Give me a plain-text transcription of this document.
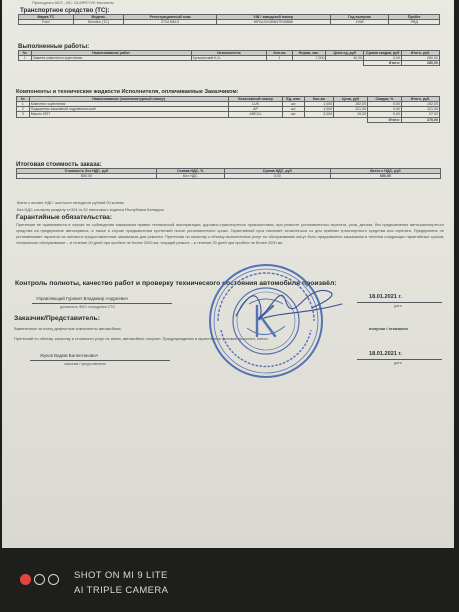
Приходного 60/2 , ИС: OLMPEY2K Контакты
Транспортное средство (ТС):
Марка ТС	Модель	Регистрационный знак	VIN / заводской номер	Год выпуска	Пробег
Ford	Mondeo (ТС)	2734 MM-5	WF0AXXGBB4TR49888	1998	РВД
Выполненные работы:
№	Наименование работ	Исполнитель	Кол-во	Норма, час.	Цена ед.,руб	Сумма скидки, руб	Итого, руб.
1	Замена комплекта сцепления	Кульчинский К.А.	1	7,000	40,00	0,00	280,00
						Итого:	280,00
Компоненты и технические жидкости Исполнителя, оплачиваемые Заказчиком:
№	Наименование (номенклатурный номер)	Каталожный номер	Ед. изм.	Кол-во	Цена, руб	Скидка, %	Итого, руб.
1	Комплект сцепления	LUK	шт.	1,000	192,00	0,00	192,00
2	Подшипник выжимной гидравлический	AP	шт.	1,000	121,00	0,00	121,00
3	Масло КПП	AREOL	шт.	3,000	19,00	0,00	57,00
						Итого:	370,00
Итоговая стоимость заказа:
Стоимость без НДС, руб	Ставка НДС, %	Сумма НДС, руб	Всего с НДС, руб
650,00	Без НДС	0,00	650,00
Всего к оплате НДС: шестьсот пятьдесят рублей 00 копеек
Без НДС согласно разделу ст.324 гл.32 налогового кодекса Республики Беларусь
Гарантийные обязательства:
Претензии не принимаются в случае не соблюдения заказчиком правил технической эксплуатации, дорожно-транспортного происшествия, при ремонте установленного агрегата, узла, детали, без предъявления автотранспортного средства на предприятие автосервиса, а также в случае предъявления претензий после установленного срока. Гарантийный срок начинает исчисляться со дня приёмки транспортного средства или агрегата. Предприятие не устанавливает гарантии на запчасти предоставленные заказчиком для ремонта. Претензии по качеству к объему выполненных услуг по обслуживанию могут быть предъявлены заказчиком в течении следующих гарантийных сроков: техническое обслуживание – в течение 20 дней при пробеге не более 2000 км; текущий ремонт – в течение 20 дней при пробеге не более 2000 км.
Контроль полноты, качество работ и проверку технического состояния автомобиля произвёл:
Управляющий Гуревич Владимир Андреевич
должность ФИО сотрудника СТО
18.01.2021 г.
дата
Заказчик/Представитель:
Замененные за плату дефектные компоненты автомобиля,	получил / отказался
Претензий по объему, качеству и стоимости услуг не имею, автомобиль получил. Предупреждения и гарантийные условия прочитал, понял.
Жуков Вадим Валентинович
заказчик / представитель
18.01.2021 г.
дата
SHOT ON MI 9 LITE
AI TRIPLE CAMERA
